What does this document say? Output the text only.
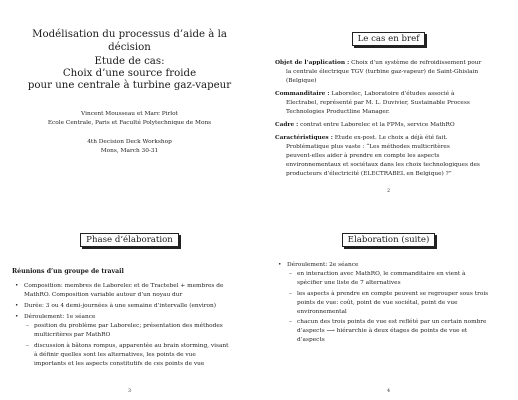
Modélisation du processus d’aide à la
décision
Etude de cas:
Choix d’une source froide
pour une centrale à turbine gaz-vapeur
Vincent Mousseau et Marc Pirlot
Ecole Centrale, Paris et Faculté Polytechnique de Mons
4th Decision Deck Workshop
Mons, March 30-31
Le cas en bref
Objet de l’application : Choix d’un système de refroidissement pour
la centrale électrique TGV (turbine gaz-vapeur) de Saint-Ghislain
(Belgique)
Commanditaire : Laborelec, Laboratoire d’études associé à
Electrabel, représenté par M. L. Duvivier, Sustainable Process
Technologies Productline Manager.
Cadre : contrat entre Laborelec et la FPMs, service MathRO
Caractéristiques : Etude ex-post. Le choix a déjà été fait.
Problématique plus vaste : “Les méthodes multicritères
peuvent-elles aider à prendre en compte les aspects
environnementaux et sociétaux dans les choix technologiques des
producteurs d’électricité (ELECTRABEL en Belgique) ?”
2
Phase d’élaboration
Réunions d’un groupe de travail
• Composition: membres de Laborelec et de Tractebel + membres de
MathRO. Composition variable autour d’un noyau dur
• Durée: 3 ou 4 demi-journées à une semaine d’intervalle (environ)
• Déroulement: 1e séance
– position du problème par Laborelec; présentation des méthodes
multicritères par MathRO
– discussion à bâtons rompus, apparentée au brain storming, visant
à définir quelles sont les alternatives, les points de vue
importants et les aspects constitutifs de ces points de vue
3
Elaboration (suite)
• Déroulement: 2e séance
– en interaction avec MathRO, le commanditaire en vient à
spécifier une liste de 7 alternatives
– les aspects à prendre en compte peuvent se regrouper sous trois
points de vue: coût, point de vue sociétal, point de vue
environnemental
– chacun des trois points de vue est reflété par un certain nombre
d’aspects ⟶ hiérarchie à deux étages de points de vue et
d’aspects
4
